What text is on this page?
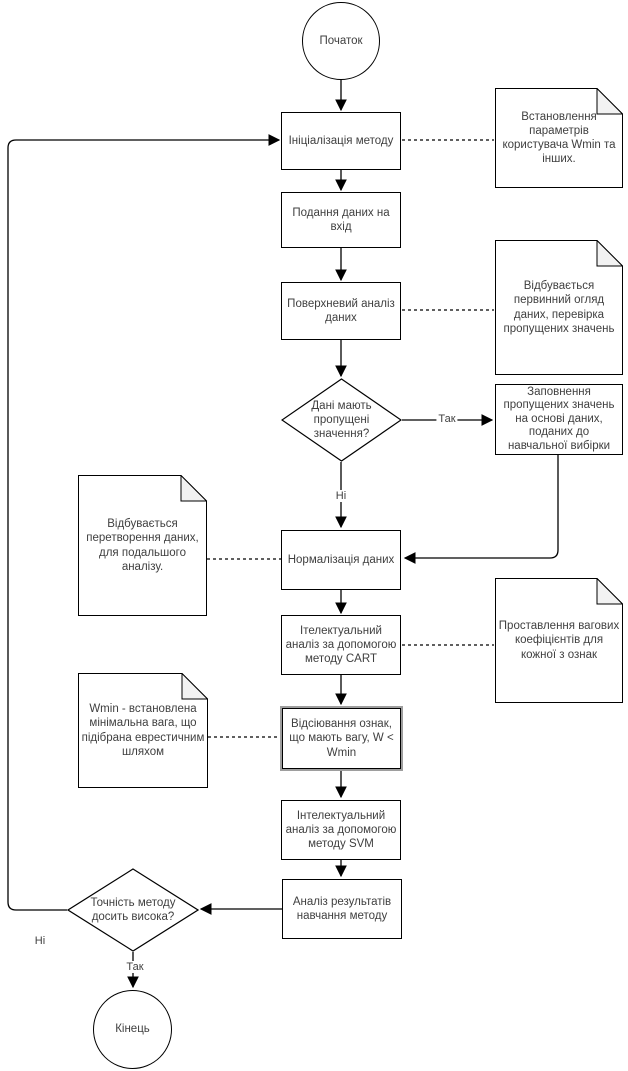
Початок
Кінець
Ініціалізація методу
Подання даних на вхід
Поверхневий аналіз даних
Заповнення пропущених значень на основі даних, поданих до навчальної вибірки
Нормалізація даних
Ітелектуальний аналіз за допомогою методу CART
Відсіювання ознак, що мають вагу, W < Wmin
Інтелектуальний аналіз за допомогою методу SVM
Аналіз результатів навчання методу
Дані мають пропущені значення?
Точність методу досить висока?
Встановлення параметрів користувача Wmin та інших.
Відбувається первинний огляд даних, перевірка пропущених значень
Відбувається перетворення даних, для подальшого аналізу.
Проставлення вагових коефіцієнтів для кожної з ознак
Wmin - встановлена мінімальна вага, що підібрана еврестичним шляхом
Так
Ні
Ні
Так
